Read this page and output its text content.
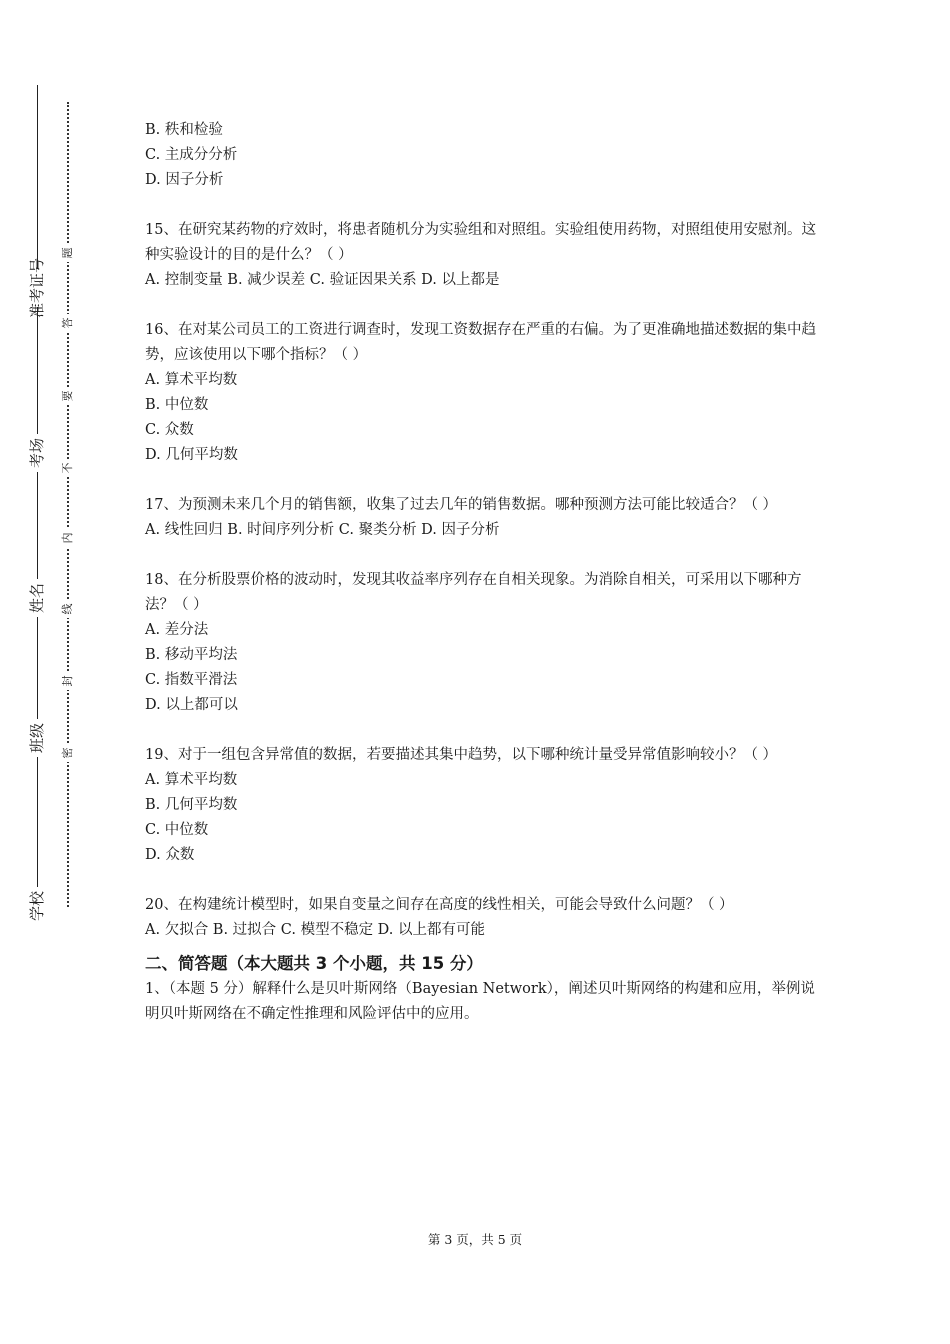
准考证号
考场
姓名
班级
学校
题
答
要
不
内
线
封
密
B. 秩和检验
C. 主成分分析
D. 因子分析
15、在研究某药物的疗效时，将患者随机分为实验组和对照组。实验组使用药物，对照组使用安慰剂。这种实验设计的目的是什么？（ ）
A. 控制变量 B. 减少误差 C. 验证因果关系 D. 以上都是
16、在对某公司员工的工资进行调查时，发现工资数据存在严重的右偏。为了更准确地描述数据的集中趋势，应该使用以下哪个指标？（ ）
A. 算术平均数
B. 中位数
C. 众数
D. 几何平均数
17、为预测未来几个月的销售额，收集了过去几年的销售数据。哪种预测方法可能比较适合？（ ）
A. 线性回归 B. 时间序列分析 C. 聚类分析 D. 因子分析
18、在分析股票价格的波动时，发现其收益率序列存在自相关现象。为消除自相关，可采用以下哪种方法？（ ）
A. 差分法
B. 移动平均法
C. 指数平滑法
D. 以上都可以
19、对于一组包含异常值的数据，若要描述其集中趋势，以下哪种统计量受异常值影响较小？（ ）
A. 算术平均数
B. 几何平均数
C. 中位数
D. 众数
20、在构建统计模型时，如果自变量之间存在高度的线性相关，可能会导致什么问题？（ ）
A. 欠拟合 B. 过拟合 C. 模型不稳定 D. 以上都有可能
二、简答题（本大题共 3 个小题，共 15 分）
1、（本题 5 分）解释什么是贝叶斯网络（Bayesian Network），阐述贝叶斯网络的构建和应用，举例说明贝叶斯网络在不确定性推理和风险评估中的应用。
第 3 页，共 5 页
